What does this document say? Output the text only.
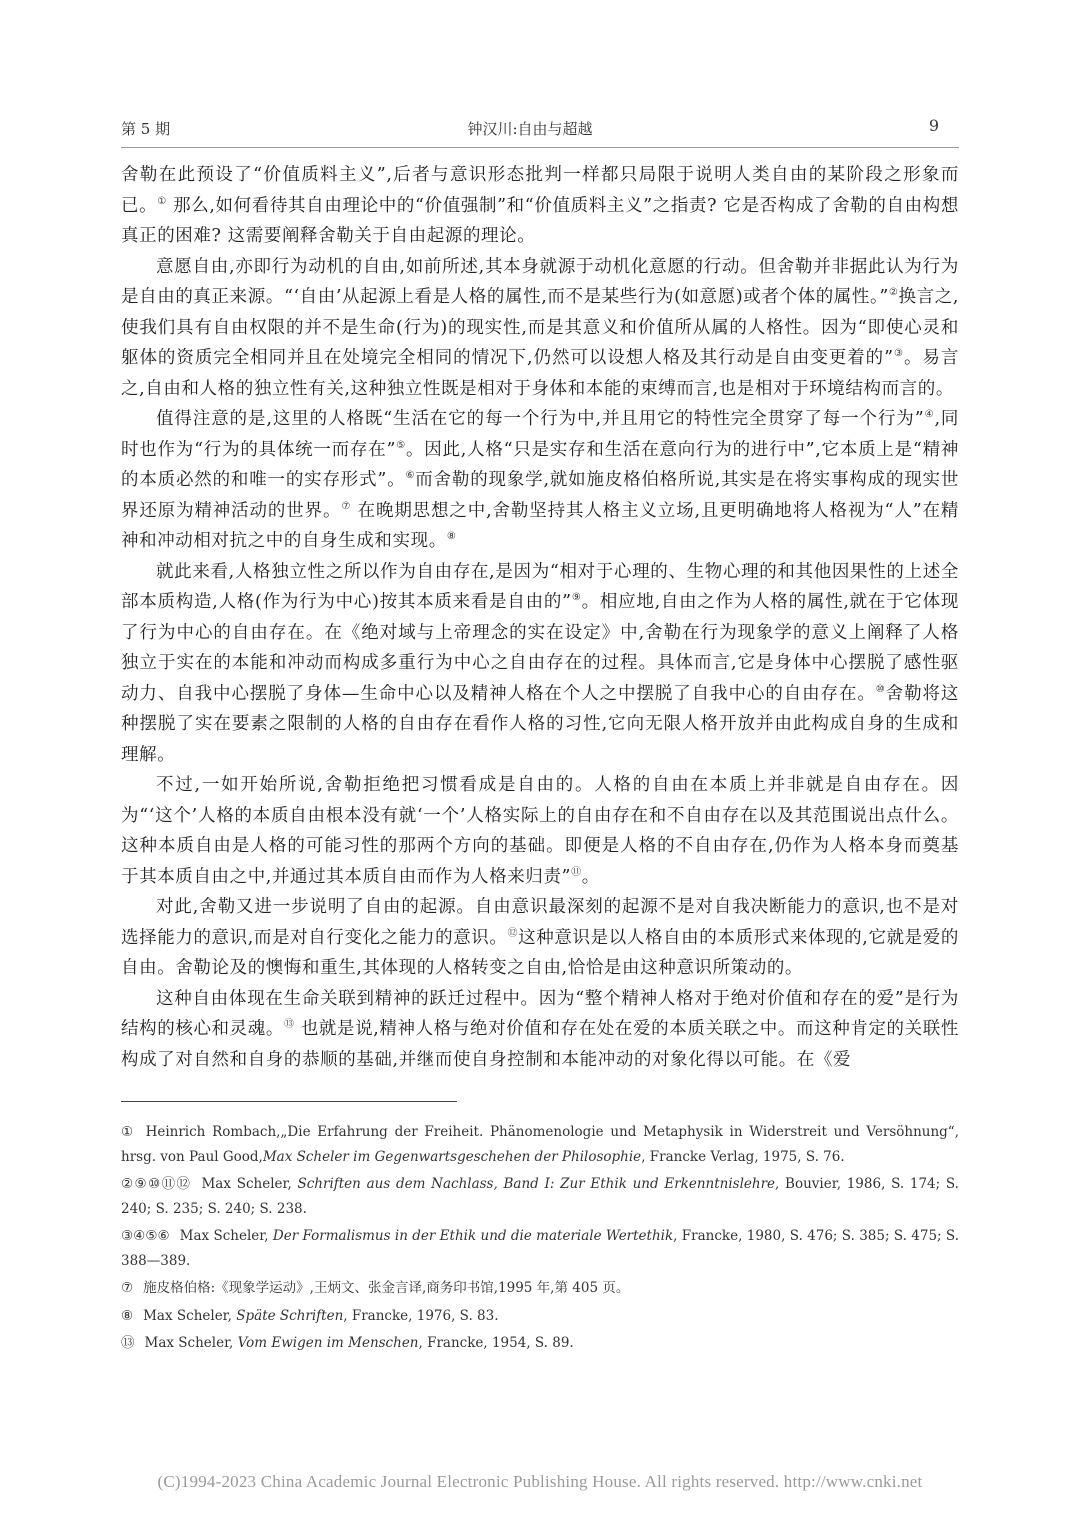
第 5 期	钟汉川:自由与超越	9

舍勒在此预设了“价值质料主义”,后者与意识形态批判一样都只局限于说明人类自由的某阶段之形象而已。① 那么,如何看待其自由理论中的“价值强制”和“价值质料主义”之指责? 它是否构成了舍勒的自由构想真正的困难? 这需要阐释舍勒关于自由起源的理论。

意愿自由,亦即行为动机的自由,如前所述,其本身就源于动机化意愿的行动。但舍勒并非据此认为行为是自由的真正来源。“‘自由’从起源上看是人格的属性,而不是某些行为(如意愿)或者个体的属性。”②换言之,使我们具有自由权限的并不是生命(行为)的现实性,而是其意义和价值所从属的人格性。因为“即使心灵和躯体的资质完全相同并且在处境完全相同的情况下,仍然可以设想人格及其行动是自由变更着的”③。易言之,自由和人格的独立性有关,这种独立性既是相对于身体和本能的束缚而言,也是相对于环境结构而言的。

值得注意的是,这里的人格既“生活在它的每一个行为中,并且用它的特性完全贯穿了每一个行为”④,同时也作为“行为的具体统一而存在”⑤。因此,人格“只是实存和生活在意向行为的进行中”,它本质上是“精神的本质必然的和唯一的实存形式”。⑥而舍勒的现象学,就如施皮格伯格所说,其实是在将实事构成的现实世界还原为精神活动的世界。⑦ 在晚期思想之中,舍勒坚持其人格主义立场,且更明确地将人格视为“人”在精神和冲动相对抗之中的自身生成和实现。⑧

就此来看,人格独立性之所以作为自由存在,是因为“相对于心理的、生物心理的和其他因果性的上述全部本质构造,人格(作为行为中心)按其本质来看是自由的”⑨。相应地,自由之作为人格的属性,就在于它体现了行为中心的自由存在。在《绝对域与上帝理念的实在设定》中,舍勒在行为现象学的意义上阐释了人格独立于实在的本能和冲动而构成多重行为中心之自由存在的过程。具体而言,它是身体中心摆脱了感性驱动力、自我中心摆脱了身体—生命中心以及精神人格在个人之中摆脱了自我中心的自由存在。⑩舍勒将这种摆脱了实在要素之限制的人格的自由存在看作人格的习性,它向无限人格开放并由此构成自身的生成和理解。

不过,一如开始所说,舍勒拒绝把习惯看成是自由的。人格的自由在本质上并非就是自由存在。因为“‘这个’人格的本质自由根本没有就‘一个’人格实际上的自由存在和不自由存在以及其范围说出点什么。这种本质自由是人格的可能习性的那两个方向的基础。即便是人格的不自由存在,仍作为人格本身而奠基于其本质自由之中,并通过其本质自由而作为人格来归责”⑪。

对此,舍勒又进一步说明了自由的起源。自由意识最深刻的起源不是对自我决断能力的意识,也不是对选择能力的意识,而是对自行变化之能力的意识。⑫这种意识是以人格自由的本质形式来体现的,它就是爱的自由。舍勒论及的懊悔和重生,其体现的人格转变之自由,恰恰是由这种意识所策动的。

这种自由体现在生命关联到精神的跃迁过程中。因为“整个精神人格对于绝对价值和存在的爱”是行为结构的核心和灵魂。⑬ 也就是说,精神人格与绝对价值和存在处在爱的本质关联之中。而这种肯定的关联性构成了对自然和自身的恭顺的基础,并继而使自身控制和本能冲动的对象化得以可能。在《爱

① Heinrich Rombach,„Die Erfahrung der Freiheit. Phänomenologie und Metaphysik in Widerstreit und Versöhnung“, hrsg. von Paul Good,Max Scheler im Gegenwartsgeschehen der Philosophie, Francke Verlag, 1975, S. 76.

②⑨⑩⑪⑫ Max Scheler, Schriften aus dem Nachlass, Band I: Zur Ethik und Erkenntnislehre, Bouvier, 1986, S. 174; S. 240; S. 235; S. 240; S. 238.

③④⑤⑥ Max Scheler, Der Formalismus in der Ethik und die materiale Wertethik, Francke, 1980, S. 476; S. 385; S. 475; S. 388—389.

⑦ 施皮格伯格:《现象学运动》,王炳文、张金言译,商务印书馆,1995 年,第 405 页。

⑧ Max Scheler, Späte Schriften, Francke, 1976, S. 83.

⑬ Max Scheler, Vom Ewigen im Menschen, Francke, 1954, S. 89.

(C)1994-2023 China Academic Journal Electronic Publishing House. All rights reserved. http://www.cnki.net
